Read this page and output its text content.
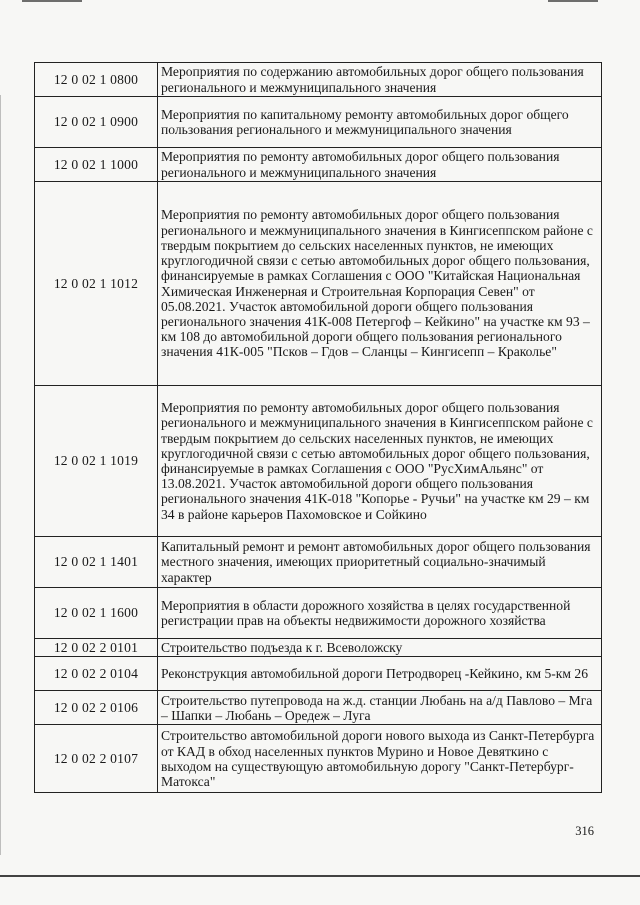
12 0 02 1 0800	Мероприятия по содержанию автомобильных дорог общего пользования регионального и межмуниципального значения
12 0 02 1 0900	Мероприятия по капитальному ремонту автомобильных дорог общего пользования регионального и межмуниципального значения
12 0 02 1 1000	Мероприятия по ремонту автомобильных дорог общего пользования регионального и межмуниципального значения
12 0 02 1 1012	Мероприятия по ремонту автомобильных дорог общего пользования регионального и межмуниципального значения в Кингисеппском районе с твердым покрытием до сельских населенных пунктов, не имеющих круглогодичной связи с сетью автомобильных дорог общего пользования, финансируемые в рамках Соглашения с ООО "Китайская Национальная Химическая Инженерная и Строительная Корпорация Севен" от 05.08.2021. Участок автомобильной дороги общего пользования регионального значения 41К-008 Петергоф – Кейкино" на участке км 93 – км 108 до автомобильной дороги общего пользования регионального значения 41К-005 "Псков – Гдов – Сланцы – Кингисепп – Краколье"
12 0 02 1 1019	Мероприятия по ремонту автомобильных дорог общего пользования регионального и межмуниципального значения в Кингисеппском районе с твердым покрытием до сельских населенных пунктов, не имеющих круглогодичной связи с сетью автомобильных дорог общего пользования, финансируемые в рамках Соглашения с ООО "РусХимАльянс" от 13.08.2021. Участок автомобильной дороги общего пользования регионального значения 41К-018 "Копорье - Ручьи" на участке км 29 – км 34 в районе карьеров Пахомовское и Сойкино
12 0 02 1 1401	Капитальный ремонт и ремонт автомобильных дорог общего пользования местного значения, имеющих приоритетный социально-значимый характер
12 0 02 1 1600	Мероприятия в области дорожного хозяйства в целях государственной регистрации прав на объекты недвижимости дорожного хозяйства
12 0 02 2 0101	Строительство подъезда к г. Всеволожску
12 0 02 2 0104	Реконструкция автомобильной дороги Петродворец -Кейкино, км 5-км 26
12 0 02 2 0106	Строительство путепровода на ж.д. станции Любань на а/д Павлово – Мга – Шапки – Любань – Оредеж – Луга
12 0 02 2 0107	Строительство автомобильной дороги нового выхода из Санкт-Петербурга от КАД в обход населенных пунктов Мурино и Новое Девяткино с выходом на существующую автомобильную дорогу "Санкт-Петербург-Матокса"
316
